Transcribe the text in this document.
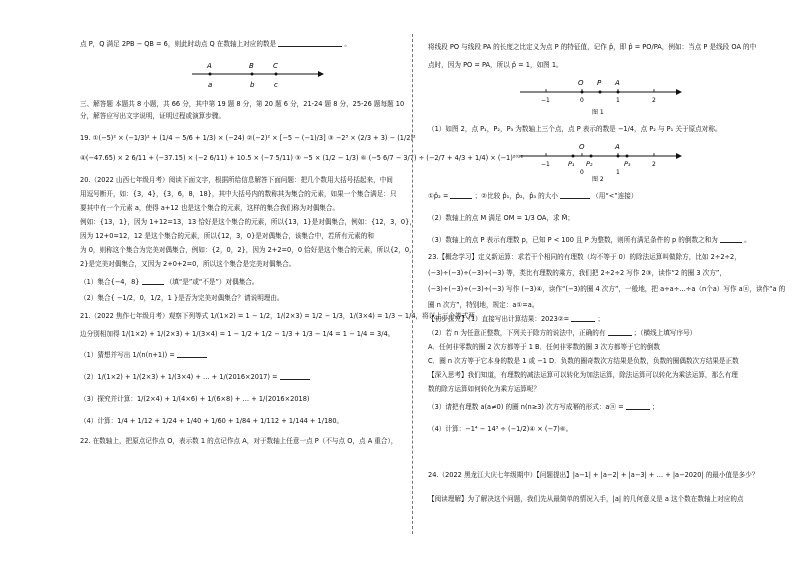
点 P，Q 满足 2PB − QB = 6，则此时动点 Q 在数轴上对应的数是	。
A	B	C
a	b	c
三、解答题 本题共 8 小题，共 66 分，其中第 19 题 8 分，第 20 题 6 分，21-24 题 8 分，25-26 题每题 10
分，解答应写出文字说明，证明过程或演算步骤。
19. ①(−5)² × (−1/3)² + (1/4 − 5/6 + 1/3) × (−24) ②(−2)² × [−5 − (−1)/3] ③ −2³ × (2/3 + 3) − (1/2)²
④(−47.65) × 2 6/11 + (−37.15) × (−2 6/11) + 10.5 × (−7 5/11) ③ −5 × (1/2 − 1/3) ⑥ (−5 6/7 − 3/7) ÷ (−2/7 + 4/3 + 1/4) × (−1)²⁰²²
20.（2022 山西七年级月考）阅读下面文字，根据所给信息解答下面问题：把几个数用大括号括起来，中间
用逗号断开，如：{3，4}，{3，6，8，18}，其中大括号内的数称其为集合的元素，如果一个集合满足：只
要其中有一个元素 a，使得 a+12 也是这个集合的元素，这样的集合我们称为对偶集合。
例如：{13，1}，因为 1+12=13，13 恰好是这个集合的元素，所以{13，1}是对偶集合，例如：{12，3，0}，
因为 12+0=12，12 是这个集合的元素，所以{12，3，0}是对偶集合，该集合中，若所有元素的和
为 0，则称这个集合为完美对偶集合，例如：{2，0，2}，因为 2+2=0，0 恰好是这个集合的元素，所以{2，0，
2}是完美对偶集合，又因为 2+0+2=0，所以这个集合是完美对偶集合。
（1）集合{−4，8}	（填“是”或“不是”）对偶集合。
（2）集合{ −1/2，0，1/2，1 }是否为完美对偶集合？请说明理由。
21.（2022 焦作七年级月考）观察下列等式 1/(1×2) = 1 − 1/2，1/(2×3) = 1/2 − 1/3，1/(3×4) = 1/3 − 1/4，将以上三个等式两
边分别相加得 1/(1×2) + 1/(2×3) + 1/(3×4) = 1 − 1/2 + 1/2 − 1/3 + 1/3 − 1/4 = 1 − 1/4 = 3/4。
（1）猜想并写出 1/(n(n+1)) =
（2）1/(1×2) + 1/(2×3) + 1/(3×4) + … + 1/(2016×2017) =
（3）探究并计算：1/(2×4) + 1/(4×6) + 1/(6×8) + … + 1/(2016×2018)
（4）计算：1/4 + 1/12 + 1/24 + 1/40 + 1/60 + 1/84 + 1/112 + 1/144 + 1/180。
22. 在数轴上，把原点记作点 O，表示数 1 的点记作点 A，对于数轴上任意一点 P（不与点 O，点 A 重合），
将线段 PO 与线段 PA 的长度之比定义为点 P 的特征值，记作 p̂，即 p̂ = PO/PA，例如：当点 P 是线段 OA 的中
点时，因为 PO = PA，所以 p̂ = 1，如图 1。
O P A
−1	0	1	2
图 1
（1）如图 2，点 P₁，P₂，P₃ 为数轴上三个点，点 P 表示的数是 −1/4，点 P₂ 与 P₁ 关于原点对称。
O	A
P₁ P₂	P₃
−1
0	1
2
图 2
①p̂₂ =	；②比较 p̂₁，p̂₂，p̂₃ 的大小	（用“<”连接）
（2）数轴上的点 M 满足 OM = 1/3 OA，求 M̂；
（3）数轴上的点 P 表示有理数 p，已知 P < 100 且 P 为整数，则所有满足条件的 p 的倒数之和为	。
23.【概念学习】定义新运算：求若干个相同的有理数（均不等于 0）的除法运算叫做除方，比如 2÷2÷2，
(−3)÷(−3)÷(−3)÷(−3) 等，类比有理数的乘方，我们把 2÷2÷2 写作 2③，读作“2 的圈 3 次方”，
(−3)÷(−3)÷(−3)÷(−3) 写作 (−3)④，读作“(−3)的圈 4 次方”，一般地，把 a÷a÷…÷a（n个a）写作 aⓝ，读作“a 的
圈 n 次方”，特别地，规定：a①=a。
【初步探究】（1）直接写出计算结果：2023②=	；
（2）若 n 为任意正整数，下列关于除方的说法中，正确的有	；（横线上填写序号）
A．任何非零数的圈 2 次方都等于 1 B．任何非零数的圈 3 次方都等于它的倒数
C．圈 n 次方等于它本身的数是 1 或 −1 D．负数的圈奇数次方结果是负数，负数的圈偶数次方结果是正数
【深入思考】我们知道，有理数的减法运算可以转化为加法运算，除法运算可以转化为乘法运算，那么有理
数的除方运算如何转化为乘方运算呢？
（3）请把有理数 a(a≠0) 的圈 n(n≥3) 次方写成幂的形式：aⓝ =	；
（4）计算：−1⁴ − 14³ ÷ (−1/2)④ × (−7)⑥。
24.（2022 黑龙江大庆七年级期中）【问题提出】|a−1| + |a−2| + |a−3| + … + |a−2020| 的最小值是多少？
【阅读理解】为了解决这个问题，我们先从最简单的情况入手，|a| 的几何意义是 a 这个数在数轴上对应的点
